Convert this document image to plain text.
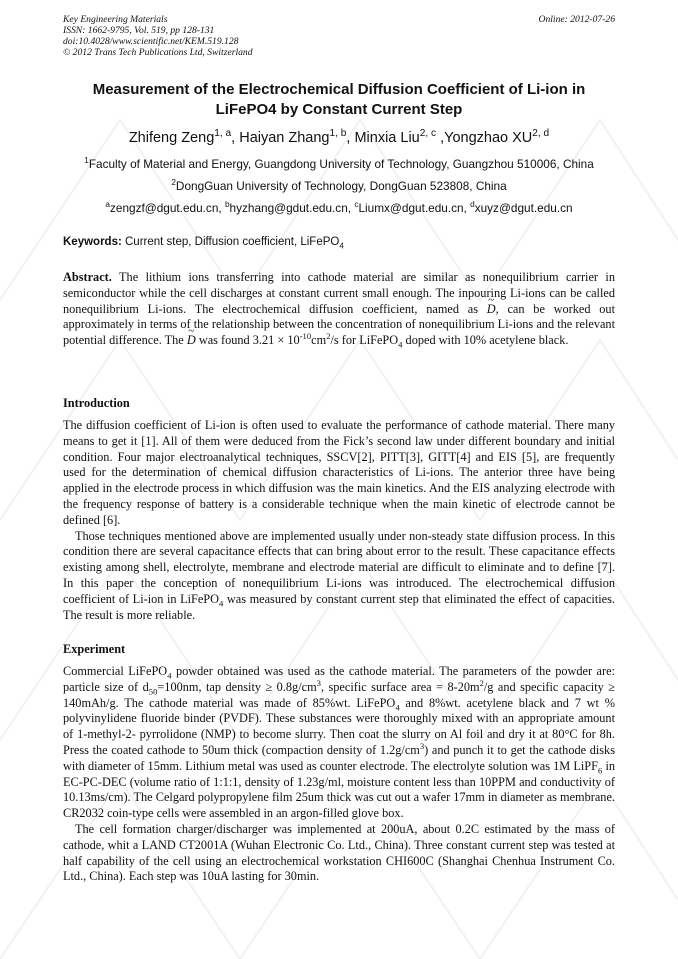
Key Engineering Materials
ISSN: 1662-9795, Vol. 519, pp 128-131
doi:10.4028/www.scientific.net/KEM.519.128
© 2012 Trans Tech Publications Ltd, Switzerland
Online: 2012-07-26
Measurement of the Electrochemical Diffusion Coefficient of Li-ion in
LiFePO4 by Constant Current Step
Zhifeng Zeng$^{1, a}$, Haiyan Zhang$^{1, b}$, Minxia Liu$^{2, c}$ ,Yongzhao XU$^{2, d}$
$^1$Faculty of Material and Energy, Guangdong University of Technology, Guangzhou 510006, China
$^2$DongGuan University of Technology, DongGuan 523808, China
$^a$zengzf@dgut.edu.cn, $^b$hyzhang@gdut.edu.cn, $^c$Liumx@dgut.edu.cn, $^d$xuyz@dgut.edu.cn
Keywords: Current step, Diffusion coefficient, LiFePO$_4$

Abstract. The lithium ions transferring into cathode material are similar as nonequilibrium carrier in semiconductor while the cell discharges at constant current small enough. The inpouring Li-ions can be called nonequilibrium Li-ions. The electrochemical diffusion coefficient, named as ~ D, can be worked out approximately in terms of the relationship between the concentration of nonequilibrium Li-ions and the relevant potential difference. The ~ D was found $3.21 \times 10^{-10}cm^2/s$ for LiFePO$_4$ doped with 10% acetylene black.

Introduction

The diffusion coefficient of Li-ion is often used to evaluate the performance of cathode material. There many means to get it [1]. All of them were deduced from the Fick’s second law under different boundary and initial condition. Four major electroanalytical techniques, SSCV[2], PITT[3], GITT[4] and EIS [5], are frequently used for the determination of chemical diffusion characteristics of Li-ions. The anterior three have being applied in the electrode process in which diffusion was the main kinetics. And the EIS analyzing electrode with the frequency response of battery is a considerable technique when the main kinetic of electrode cannot be defined [6].

Those techniques mentioned above are implemented usually under non-steady state diffusion process. In this condition there are several capacitance effects that can bring about error to the result. These capacitance effects existing among shell, electrolyte, membrane and electrode material are difficult to eliminate and to define [7]. In this paper the conception of nonequilibrium Li-ions was introduced. The electrochemical diffusion coefficient of Li-ion in LiFePO$_4$ was measured by constant current step that eliminated the effect of capacities. The result is more reliable.

Experiment

Commercial LiFePO$_4$ powder obtained was used as the cathode material. The parameters of the powder are: particle size of $d_{50}=100nm$, tap density ≥ $0.8g/cm^3$, specific surface area = $8-20m^2/g$ and specific capacity ≥ 140mAh/g. The cathode material was made of 85%wt. LiFePO$_4$ and 8%wt. acetylene black and 7 wt % polyvinylidene fluoride binder (PVDF). These substances were thoroughly mixed with an appropriate amount of 1-methyl-2- pyrrolidone (NMP) to become slurry. Then coat the slurry on Al foil and dry it at 80°C for 8h. Press the coated cathode to 50um thick (compaction density of $1.2g/cm^3$) and punch it to get the cathode disks with diameter of 15mm. Lithium metal was used as counter electrode. The electrolyte solution was 1M LiPF$_6$ in EC-PC-DEC (volume ratio of 1:1:1, density of 1.23g/ml, moisture content less than 10PPM and conductivity of 10.13ms/cm). The Celgard polypropylene film 25um thick was cut out a wafer 17mm in diameter as membrane. CR2032 coin-type cells were assembled in an argon-filled glove box.

The cell formation charger/discharger was implemented at 200uA, about 0.2C estimated by the mass of cathode, whit a LAND CT2001A (Wuhan Electronic Co. Ltd., China). Three constant current step was tested at half capability of the cell using an electrochemical workstation CHI600C (Shanghai Chenhua Instrument Co. Ltd., China). Each step was 10uA lasting for 30min.
